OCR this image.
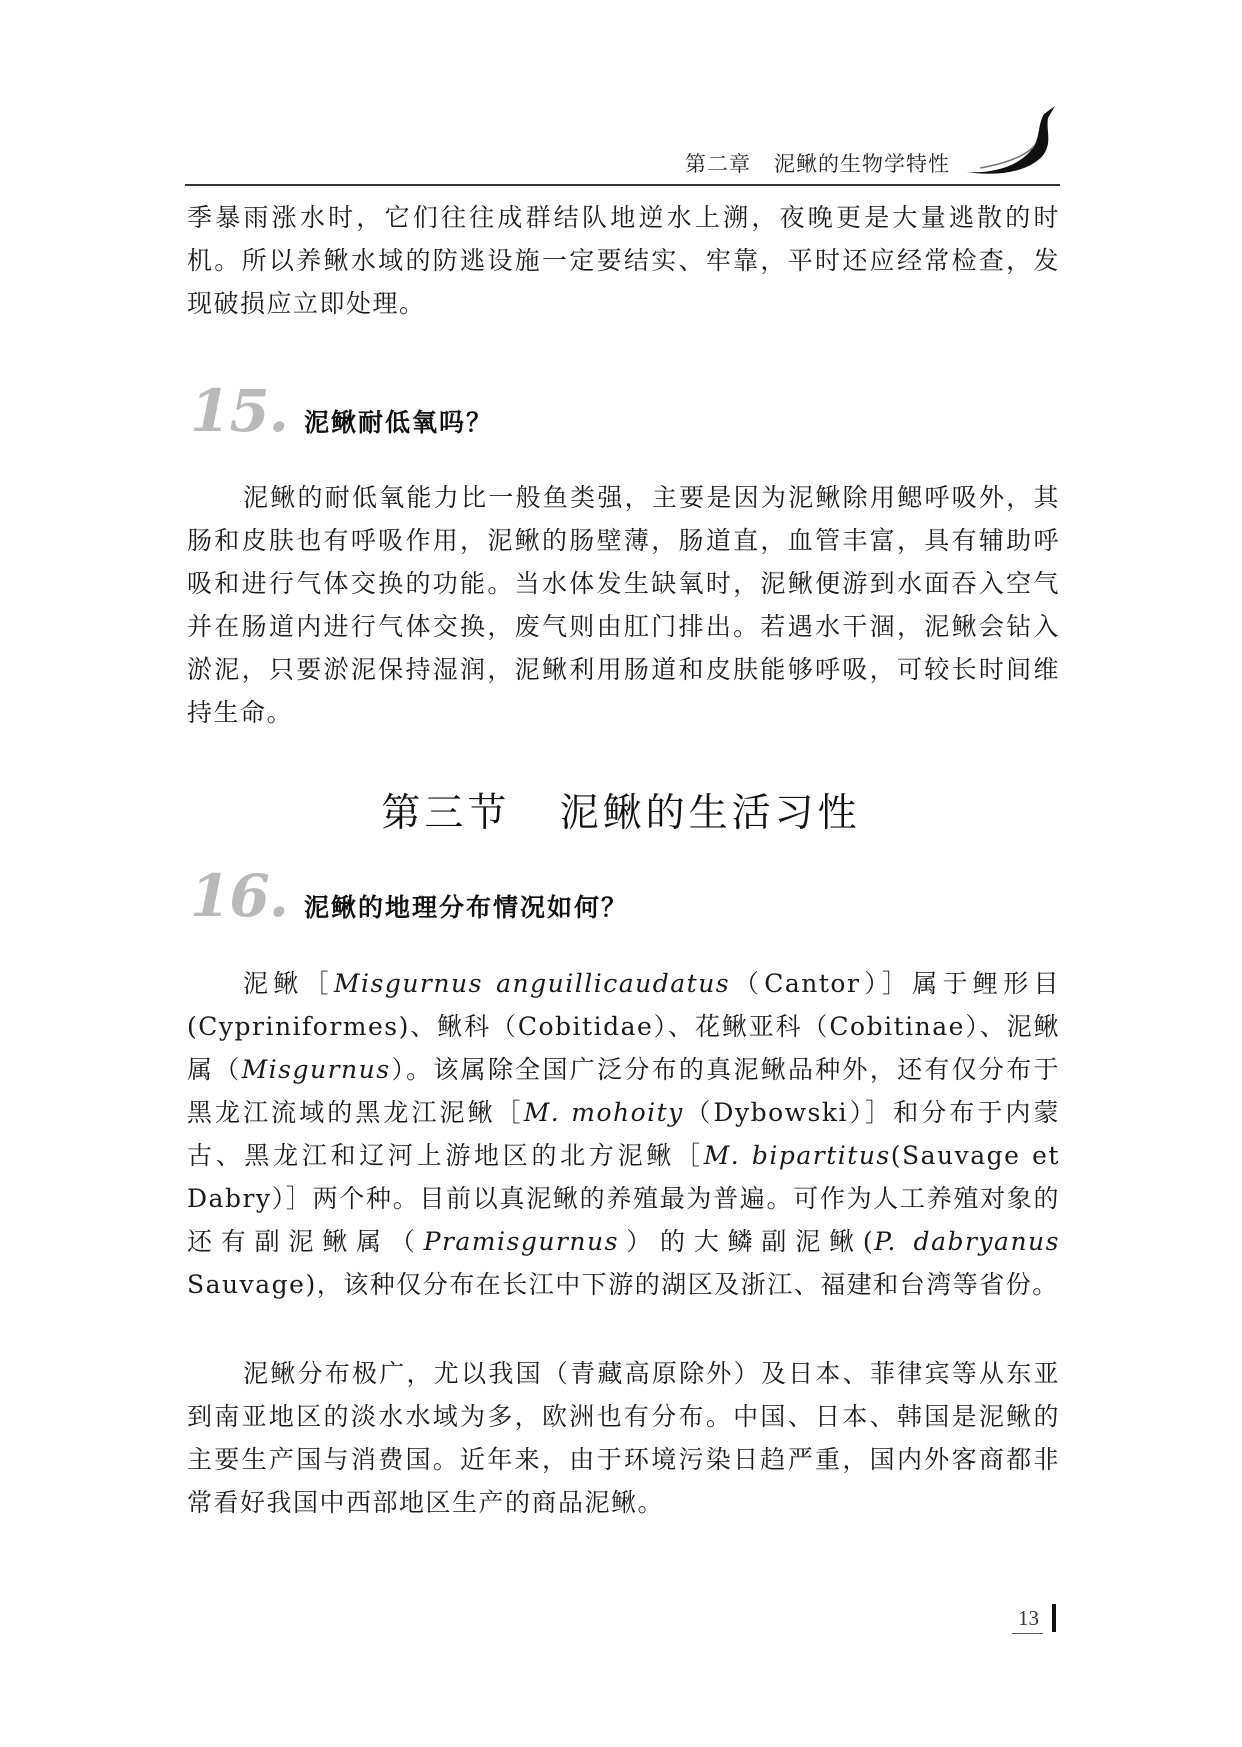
第二章 泥鳅的生物学特性

季暴雨涨水时，它们往往成群结队地逆水上溯，夜晚更是大量逃散的时机。所以养鳅水域的防逃设施一定要结实、牢靠，平时还应经常检查，发现破损应立即处理。

15. 泥鳅耐低氧吗？

泥鳅的耐低氧能力比一般鱼类强，主要是因为泥鳅除用鳃呼吸外，其肠和皮肤也有呼吸作用，泥鳅的肠壁薄，肠道直，血管丰富，具有辅助呼吸和进行气体交换的功能。当水体发生缺氧时，泥鳅便游到水面吞入空气并在肠道内进行气体交换，废气则由肛门排出。若遇水干涸，泥鳅会钻入淤泥，只要淤泥保持湿润，泥鳅利用肠道和皮肤能够呼吸，可较长时间维持生命。

第三节 泥鳅的生活习性
16. 泥鳅的地理分布情况如何？

泥鳅［Misgurnus anguillicaudatus（Cantor）］属于鲤形目(Cypriniformes)、鳅科（Cobitidae）、花鳅亚科（Cobitinae）、泥鳅属（Misgurnus）。该属除全国广泛分布的真泥鳅品种外，还有仅分布于黑龙江流域的黑龙江泥鳅［M. mohoity（Dybowski）］和分布于内蒙古、黑龙江和辽河上游地区的北方泥鳅［M. bipartitus(Sauvage et Dabry）］两个种。目前以真泥鳅的养殖最为普遍。可作为人工养殖对象的还有副泥鳅属（Pramisgurnus）的大鳞副泥鳅(P. dabryanus Sauvage)，该种仅分布在长江中下游的湖区及浙江、福建和台湾等省份。

泥鳅分布极广，尤以我国（青藏高原除外）及日本、菲律宾等从东亚到南亚地区的淡水水域为多，欧洲也有分布。中国、日本、韩国是泥鳅的主要生产国与消费国。近年来，由于环境污染日趋严重，国内外客商都非常看好我国中西部地区生产的商品泥鳅。

13
